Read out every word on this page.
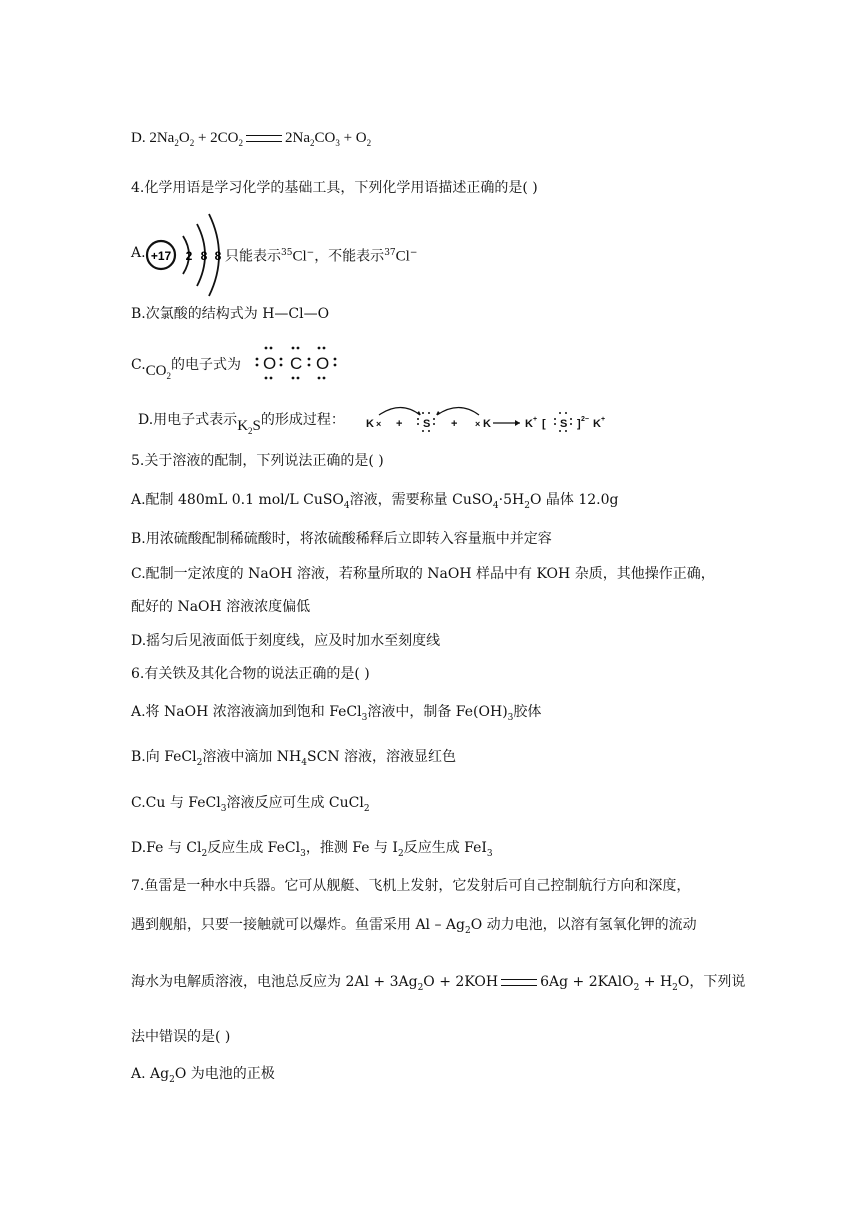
D. $2Na_2O_2 + 2CO_2$	$2Na_2CO_3 + O_2$
4.化学用语是学习化学的基础工具，下列化学用语描述正确的是( )
A. +17 2 8 8 只能表示$^{35}$Cl−，不能表示$^{37}$Cl−
B.次氯酸的结构式为 H—Cl—O
$C.CO_2$的电子式为 O C O
D.用电子式表示$K_2S$的形成过程： K × + S + × K	K + [ S ] 2− K +
5.关于溶液的配制，下列说法正确的是( )
A.配制 480mL 0.1 mol/L CuSO$_4$溶液，需要称量 $CuSO_4\cdot 5H_2O$ 晶体 12.0g
B.用浓硫酸配制稀硫酸时，将浓硫酸稀释后立即转入容量瓶中并定容
C.配制一定浓度的 NaOH 溶液，若称量所取的 NaOH 样品中有 KOH 杂质，其他操作正确，
配好的 NaOH 溶液浓度偏低
D.摇匀后见液面低于刻度线，应及时加水至刻度线
6.有关铁及其化合物的说法正确的是( )
A.将 NaOH 浓溶液滴加到饱和 FeCl$_3$溶液中，制备 $Fe(OH)_3$胶体
B.向 FeCl$_2$溶液中滴加 $NH_4SCN$ 溶液，溶液显红色
C.Cu 与 FeCl$_3$溶液反应可生成 CuCl$_2$
D.Fe 与 $Cl_2$反应生成 FeCl$_3$，推测 Fe 与 $I_2$反应生成 FeI$_3$
7.鱼雷是一种水中兵器。它可从舰艇、飞机上发射，它发射后可自己控制航行方向和深度，
遇到舰船，只要一接触就可以爆炸。鱼雷采用 Al – $Ag_2O$ 动力电池，以溶有氢氧化钾的流动
海水为电解质溶液，电池总反应为 $2Al + 3Ag_2O + 2KOH$	6Ag + 2KAlO$_2$ + $H_2O$，下列说
法中错误的是( )
A. $Ag_2O$ 为电池的正极
